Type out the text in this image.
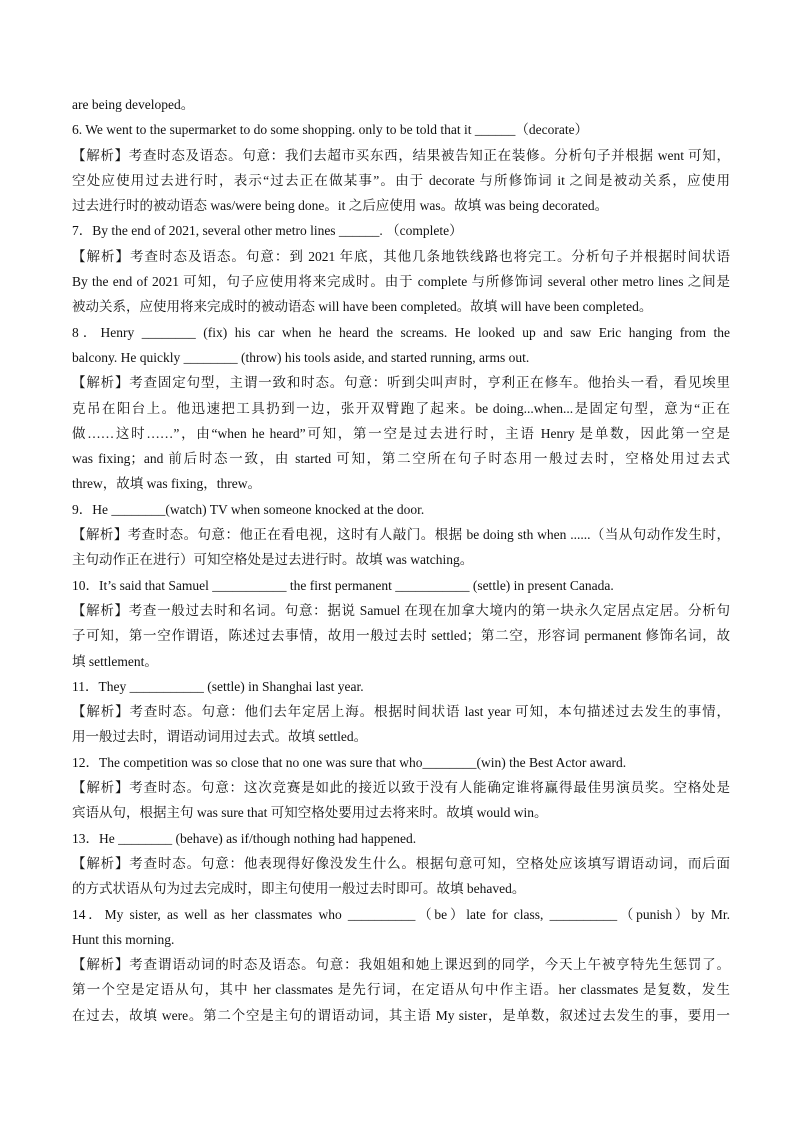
are being developed。
6. We went to the supermarket to do some shopping. only to be told that it ______（decorate）
【解析】考查时态及语态。句意：我们去超市买东西，结果被告知正在装修。分析句子并根据 went 可知，
空处应使用过去进行时，表示“过去正在做某事”。由于 decorate 与所修饰词 it 之间是被动关系，应使用
过去进行时的被动语态 was/were being done。it 之后应使用 was。故填 was being decorated。
7．By the end of 2021, several other metro lines ______. （complete）
【解析】考查时态及语态。句意：到 2021 年底，其他几条地铁线路也将完工。分析句子并根据时间状语
By the end of 2021 可知，句子应使用将来完成时。由于 complete 与所修饰词 several other metro lines 之间是
被动关系，应使用将来完成时的被动语态 will have been completed。故填 will have been completed。
8．Henry ________ (fix) his car when he heard the screams. He looked up and saw Eric hanging from the
balcony. He quickly ________ (throw) his tools aside, and started running, arms out.
【解析】考查固定句型，主谓一致和时态。句意：听到尖叫声时，亨利正在修车。他抬头一看，看见埃里
克吊在阳台上。他迅速把工具扔到一边，张开双臂跑了起来。be doing...when...是固定句型，意为“正在
做……这时……”，由“when he heard”可知，第一空是过去进行时，主语 Henry 是单数，因此第一空是
was fixing；and 前后时态一致，由 started 可知，第二空所在句子时态用一般过去时，空格处用过去式
threw，故填 was fixing，threw。
9．He ________(watch) TV when someone knocked at the door.
【解析】考查时态。句意：他正在看电视，这时有人敲门。根据 be doing sth when ......（当从句动作发生时，
主句动作正在进行）可知空格处是过去进行时。故填 was watching。
10．It’s said that Samuel ___________ the first permanent ___________ (settle) in present Canada.
【解析】考查一般过去时和名词。句意：据说 Samuel 在现在加拿大境内的第一块永久定居点定居。分析句
子可知，第一空作谓语，陈述过去事情，故用一般过去时 settled；第二空，形容词 permanent 修饰名词，故
填 settlement。
11．They ___________ (settle) in Shanghai last year.
【解析】考查时态。句意：他们去年定居上海。根据时间状语 last year 可知，本句描述过去发生的事情，
用一般过去时，谓语动词用过去式。故填 settled。
12．The competition was so close that no one was sure that who________(win) the Best Actor award.
【解析】考查时态。句意：这次竞赛是如此的接近以致于没有人能确定谁将赢得最佳男演员奖。空格处是
宾语从句，根据主句 was sure that 可知空格处要用过去将来时。故填 would win。
13．He ________ (behave) as if/though nothing had happened.
【解析】考查时态。句意：他表现得好像没发生什么。根据句意可知，空格处应该填写谓语动词，而后面
的方式状语从句为过去完成时，即主句使用一般过去时即可。故填 behaved。
14．My sister, as well as her classmates who __________（be）late for class, __________（punish）by Mr.
Hunt this morning.
【解析】考查谓语动词的时态及语态。句意：我姐姐和她上课迟到的同学，今天上午被亨特先生惩罚了。
第一个空是定语从句，其中 her classmates 是先行词，在定语从句中作主语。her classmates 是复数，发生
在过去，故填 were。第二个空是主句的谓语动词，其主语 My sister，是单数，叙述过去发生的事，要用一
